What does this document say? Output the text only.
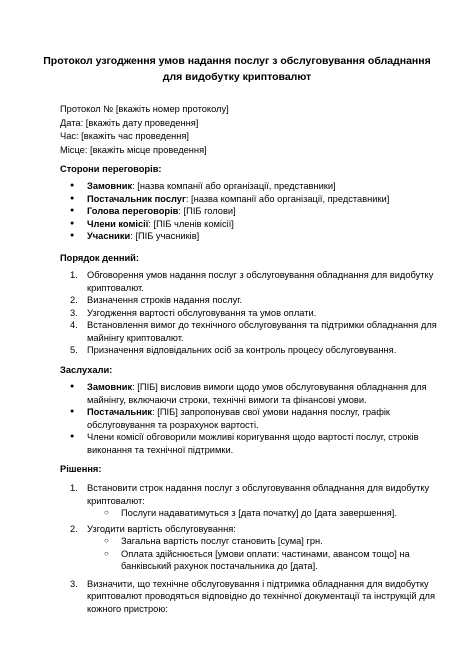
Протокол узгодження умов надання послуг з обслуговування обладнання
для видобутку криптовалют
Протокол № [вкажіть номер протоколу]
Дата: [вкажіть дату проведення]
Час: [вкажіть час проведення]
Місце: [вкажіть місце проведення]
Сторони переговорів:
● Замовник: [назва компанії або організації, представники]
● Постачальник послуг: [назва компанії або організації, представники]
● Голова переговорів: [ПІБ голови]
● Члени комісії: [ПІБ членів комісії]
● Учасники: [ПІБ учасників]
Порядок денний:
1. Обговорення умов надання послуг з обслуговування обладнання для видобутку
криптовалют.
2. Визначення строків надання послуг.
3. Узгодження вартості обслуговування та умов оплати.
4. Встановлення вимог до технічного обслуговування та підтримки обладнання для
майнінгу криптовалют.
5. Призначення відповідальних осіб за контроль процесу обслуговування.
Заслухали:
● Замовник: [ПІБ] висловив вимоги щодо умов обслуговування обладнання для
майнінгу, включаючи строки, технічні вимоги та фінансові умови.
● Постачальник: [ПІБ] запропонував свої умови надання послуг, графік
обслуговування та розрахунок вартості.
● Члени комісії обговорили можливі коригування щодо вартості послуг, строків
виконання та технічної підтримки.
Рішення:
1. Встановити строк надання послуг з обслуговування обладнання для видобутку
криптовалют:
○ Послуги надаватимуться з [дата початку] до [дата завершення].
2. Узгодити вартість обслуговування:
○ Загальна вартість послуг становить [сума] грн.
○ Оплата здійснюється [умови оплати: частинами, авансом тощо] на
банківський рахунок постачальника до [дата].
3. Визначити, що технічне обслуговування і підтримка обладнання для видобутку
криптовалют проводяться відповідно до технічної документації та інструкцій для
кожного пристрою:
